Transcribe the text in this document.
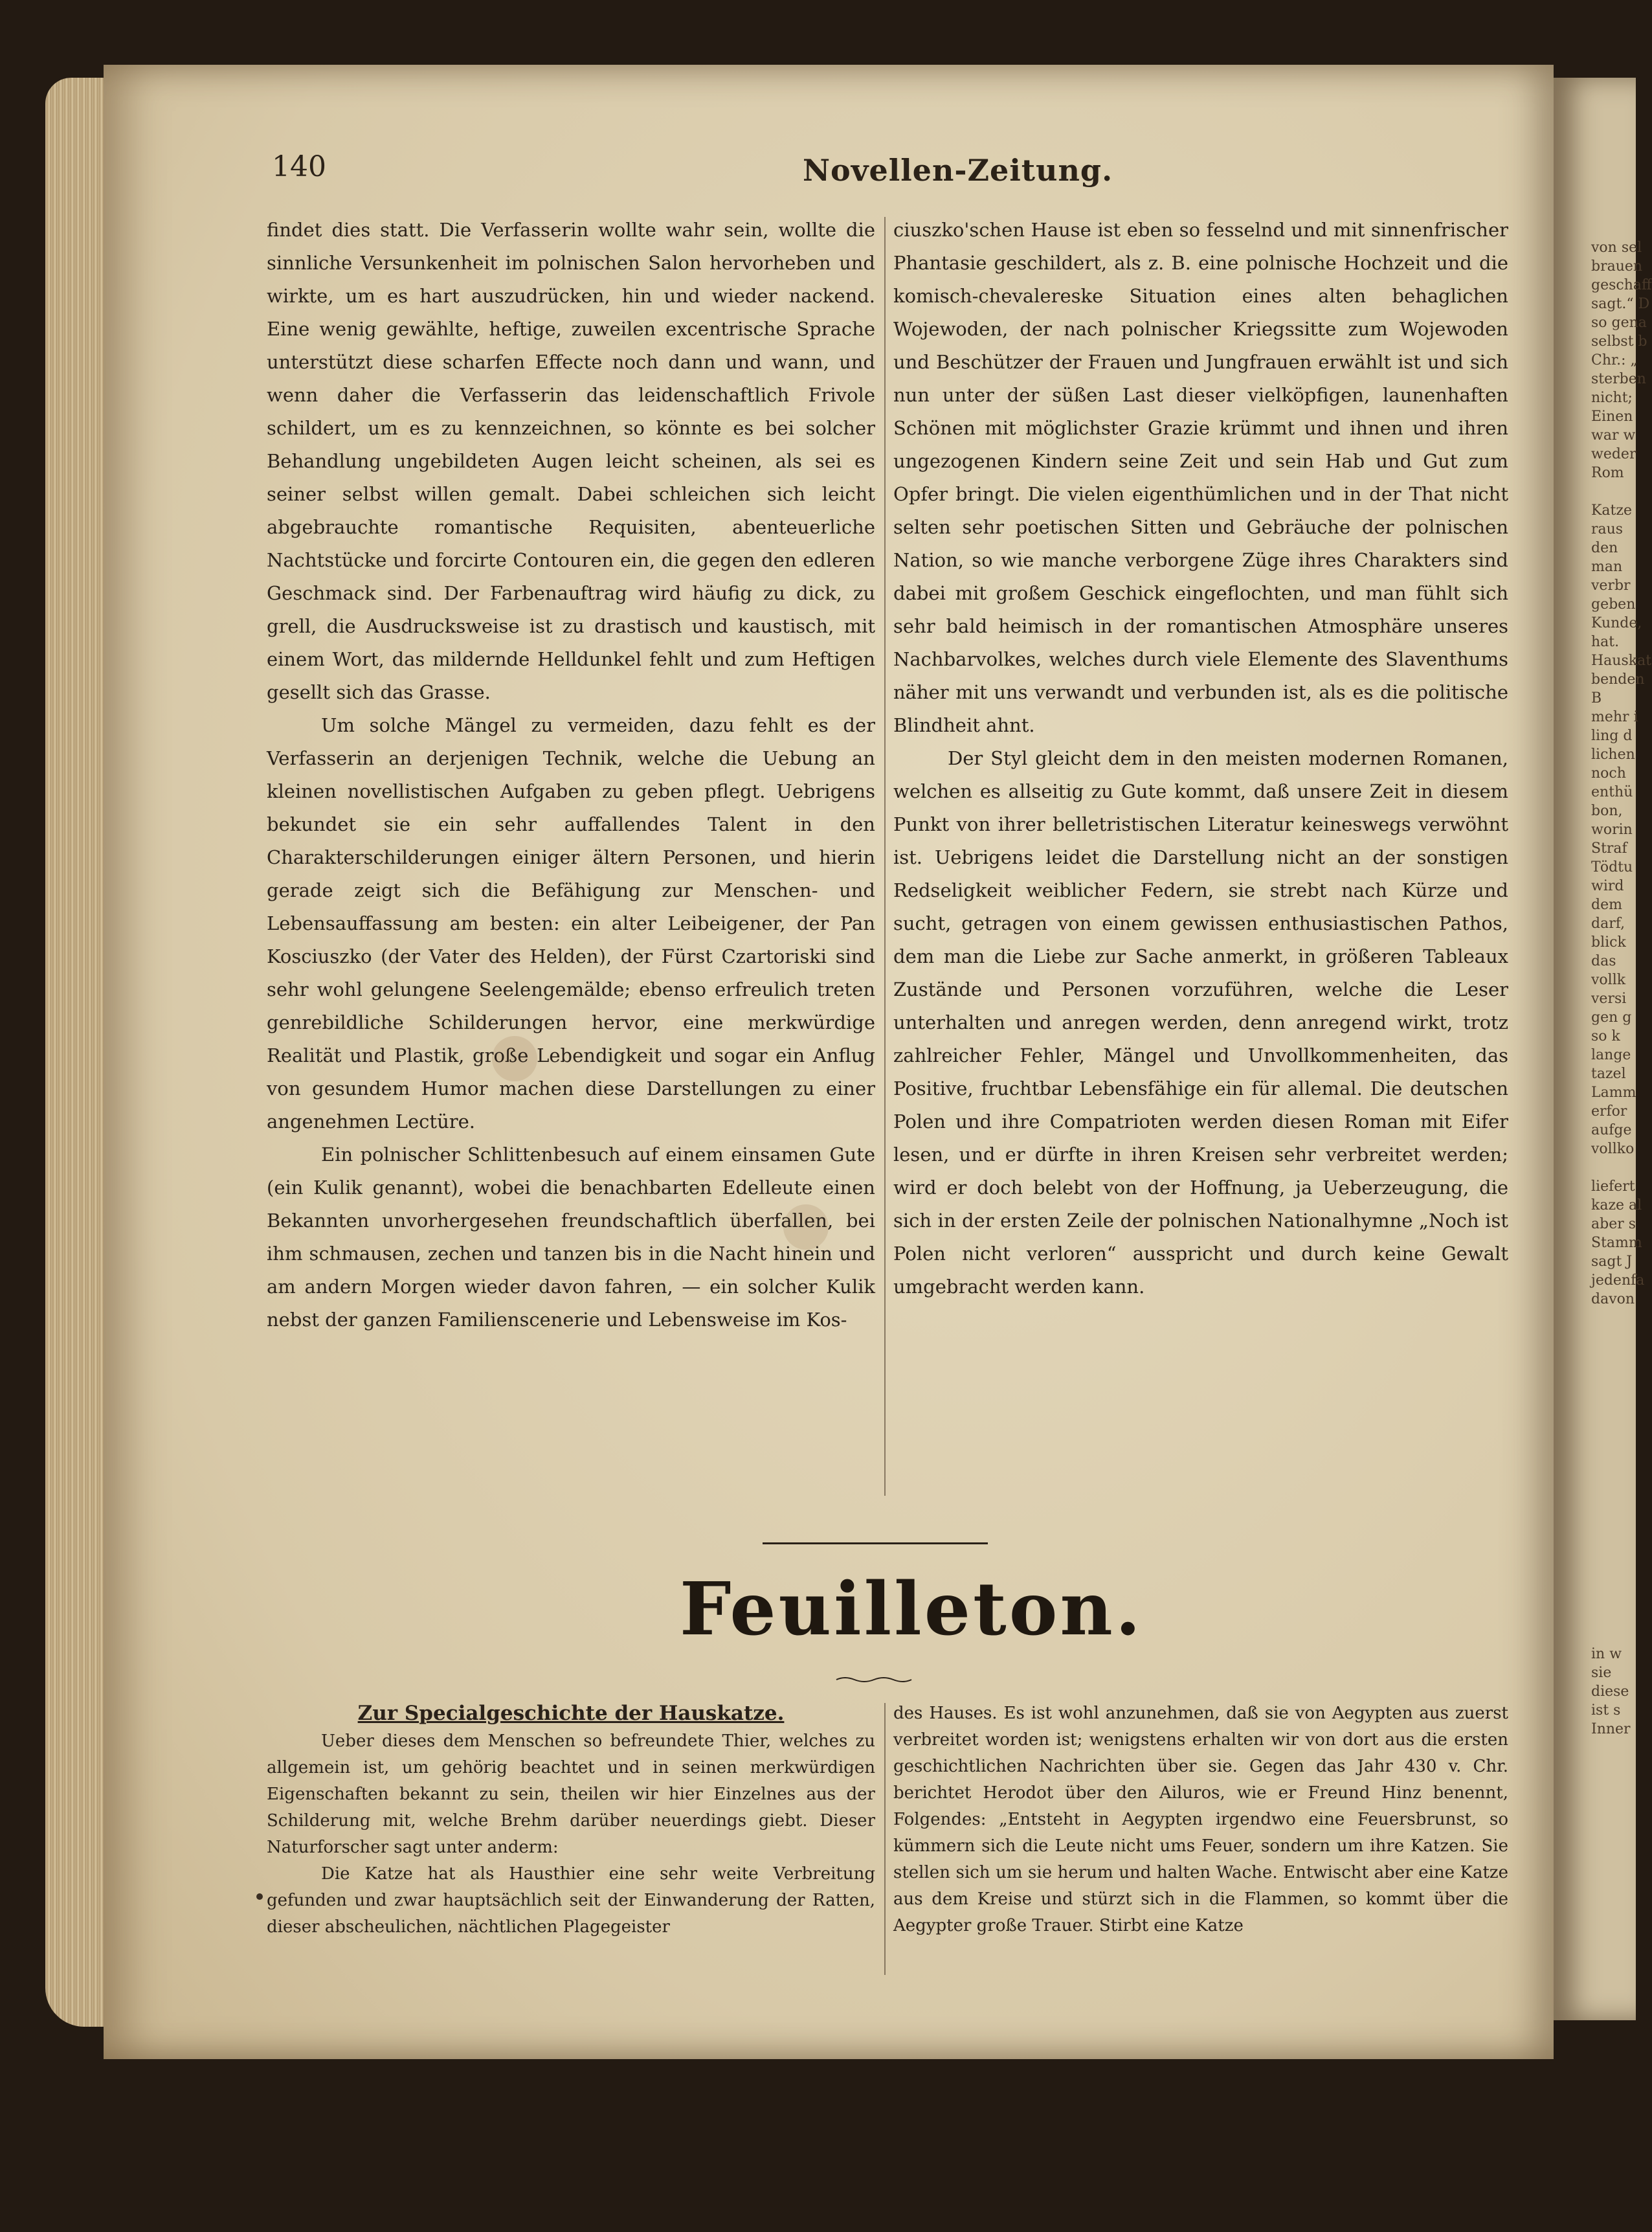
von sel
brauen
geschaff
sagt.“ D
so gena
selbst b
Chr.: „
sterben
nicht;
Einen
war w
weder
Rom

Katze
raus
den
man
verbr
geben
Kunde,
hat.
Hauskat
benden
B
mehr i
ling d
lichen
noch
enthü
bon,
worin
Straf
Tödtu
wird
dem
darf,
blick
das
vollk
versi
gen g
so k
lange
tazel
Lamm
erfor
aufge
vollko

liefert
kaze al
aber s
Stamm
sagt J
jedenfa
davon
in w
sie
diese
ist s
Inner
140	Novellen-Zeitung.

findet dies statt. Die Verfasserin wollte wahr sein, wollte die sinnliche Versunkenheit im polnischen Salon hervorheben und wirkte, um es hart auszudrücken, hin und wieder nackend. Eine wenig gewählte, heftige, zuweilen excentrische Sprache unterstützt diese scharfen Effecte noch dann und wann, und wenn daher die Verfasserin das leidenschaftlich Frivole schildert, um es zu kennzeichnen, so könnte es bei solcher Behandlung ungebildeten Augen leicht scheinen, als sei es seiner selbst willen gemalt. Dabei schleichen sich leicht abgebrauchte romantische Requisiten, abenteuerliche Nachtstücke und forcirte Contouren ein, die gegen den edleren Geschmack sind. Der Farbenauftrag wird häufig zu dick, zu grell, die Ausdrucksweise ist zu drastisch und kaustisch, mit einem Wort, das mildernde Helldunkel fehlt und zum Heftigen gesellt sich das Grasse.

Um solche Mängel zu vermeiden, dazu fehlt es der Verfasserin an derjenigen Technik, welche die Uebung an kleinen novellistischen Aufgaben zu geben pflegt. Uebrigens bekundet sie ein sehr auffallendes Talent in den Charakterschilderungen einiger ältern Personen, und hierin gerade zeigt sich die Befähigung zur Menschen- und Lebensauffassung am besten: ein alter Leibeigener, der Pan Kosciuszko (der Vater des Helden), der Fürst Czartoriski sind sehr wohl gelungene Seelengemälde; ebenso erfreulich treten genrebildliche Schilderungen hervor, eine merkwürdige Realität und Plastik, große Lebendigkeit und sogar ein Anflug von gesundem Humor machen diese Darstellungen zu einer angenehmen Lectüre.

Ein polnischer Schlittenbesuch auf einem einsamen Gute (ein Kulik genannt), wobei die benachbarten Edelleute einen Bekannten unvorhergesehen freundschaftlich überfallen, bei ihm schmausen, zechen und tanzen bis in die Nacht hinein und am andern Morgen wieder davon fahren, — ein solcher Kulik nebst der ganzen Familienscenerie und Lebensweise im Kos-

ciuszko'schen Hause ist eben so fesselnd und mit sinnenfrischer Phantasie geschildert, als z. B. eine polnische Hochzeit und die komisch-chevalereske Situation eines alten behaglichen Wojewoden, der nach polnischer Kriegssitte zum Wojewoden und Beschützer der Frauen und Jungfrauen erwählt ist und sich nun unter der süßen Last dieser vielköpfigen, launenhaften Schönen mit möglichster Grazie krümmt und ihnen und ihren ungezogenen Kindern seine Zeit und sein Hab und Gut zum Opfer bringt. Die vielen eigenthümlichen und in der That nicht selten sehr poetischen Sitten und Gebräuche der polnischen Nation, so wie manche verborgene Züge ihres Charakters sind dabei mit großem Geschick eingeflochten, und man fühlt sich sehr bald heimisch in der romantischen Atmosphäre unseres Nachbarvolkes, welches durch viele Elemente des Slaventhums näher mit uns verwandt und verbunden ist, als es die politische Blindheit ahnt.

Der Styl gleicht dem in den meisten modernen Romanen, welchen es allseitig zu Gute kommt, daß unsere Zeit in diesem Punkt von ihrer belletristischen Literatur keineswegs verwöhnt ist. Uebrigens leidet die Darstellung nicht an der sonstigen Redseligkeit weiblicher Federn, sie strebt nach Kürze und sucht, getragen von einem gewissen enthusiastischen Pathos, dem man die Liebe zur Sache anmerkt, in größeren Tableaux Zustände und Personen vorzuführen, welche die Leser unterhalten und anregen werden, denn anregend wirkt, trotz zahlreicher Fehler, Mängel und Unvollkommenheiten, das Positive, fruchtbar Lebensfähige ein für allemal. Die deutschen Polen und ihre Compatrioten werden diesen Roman mit Eifer lesen, und er dürfte in ihren Kreisen sehr verbreitet werden; wird er doch belebt von der Hoffnung, ja Ueberzeugung, die sich in der ersten Zeile der polnischen Nationalhymne „Noch ist Polen nicht verloren“ ausspricht und durch keine Gewalt umgebracht werden kann.

Feuilleton.

Zur Specialgeschichte der Hauskatze.

Ueber dieses dem Menschen so befreundete Thier, welches zu allgemein ist, um gehörig beachtet und in seinen merkwürdigen Eigenschaften bekannt zu sein, theilen wir hier Einzelnes aus der Schilderung mit, welche Brehm darüber neuerdings giebt. Dieser Naturforscher sagt unter anderm:

Die Katze hat als Hausthier eine sehr weite Verbreitung gefunden und zwar hauptsächlich seit der Einwanderung der Ratten, dieser abscheulichen, nächtlichen Plagegeister

des Hauses. Es ist wohl anzunehmen, daß sie von Aegypten aus zuerst verbreitet worden ist; wenigstens erhalten wir von dort aus die ersten geschichtlichen Nachrichten über sie. Gegen das Jahr 430 v. Chr. berichtet Herodot über den Ailuros, wie er Freund Hinz benennt, Folgendes: „Entsteht in Aegypten irgendwo eine Feuersbrunst, so kümmern sich die Leute nicht ums Feuer, sondern um ihre Katzen. Sie stellen sich um sie herum und halten Wache. Entwischt aber eine Katze aus dem Kreise und stürzt sich in die Flammen, so kommt über die Aegypter große Trauer. Stirbt eine Katze
